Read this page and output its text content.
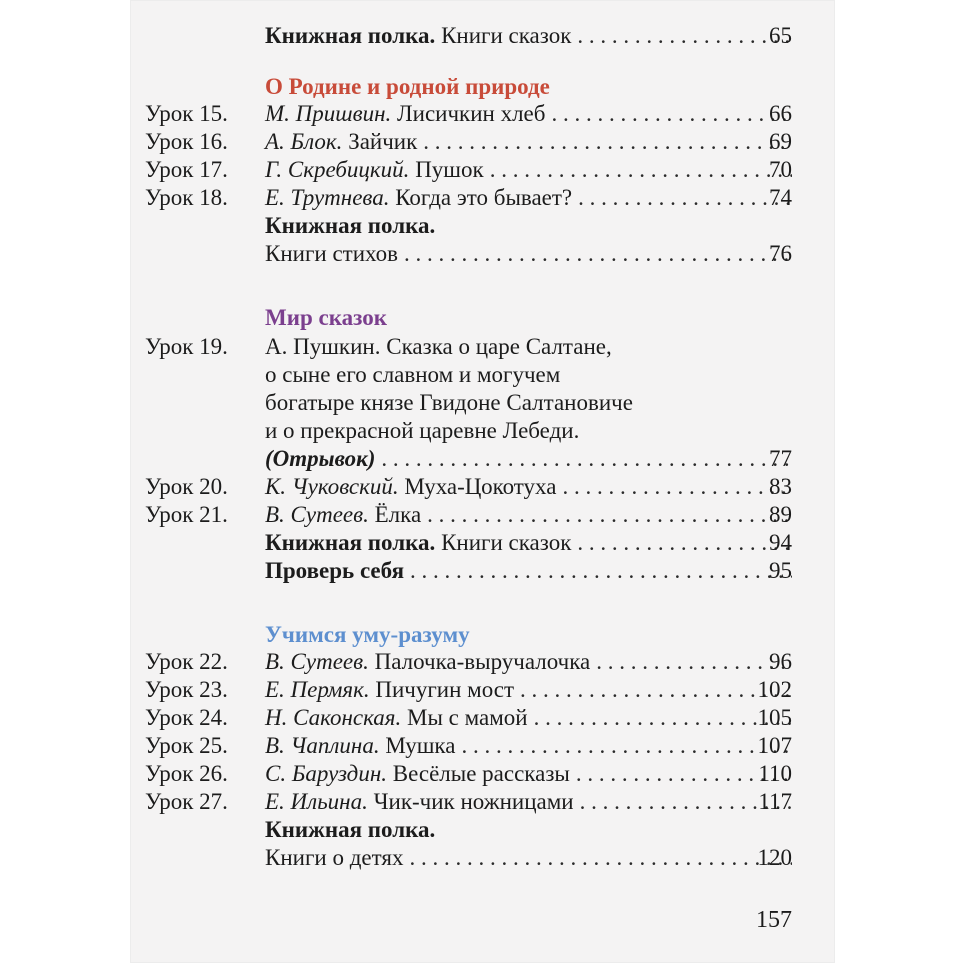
Книжная полка. Книги сказок . . .	65
О Родине и родной природе
Урок 15. М. Пришвин. Лисичкин хлеб . . .	66
Урок 16. А. Блок. Зайчик . . .	69
Урок 17. Г. Скребицкий. Пушок . . .	70
Урок 18. Е. Трутнева. Когда это бывает? . . .	74
Книжная полка.
Книги стихов . . .	76
Мир сказок
Урок 19. А. Пушкин. Сказка о царе Салтане,
о сыне его славном и могучем
богатыре князе Гвидоне Салтановиче
и о прекрасной царевне Лебеди.
(Отрывок) . . .	77
Урок 20. К. Чуковский. Муха-Цокотуха . . .	83
Урок 21. В. Сутеев. Ёлка . . .	89
Книжная полка. Книги сказок . . .	94
Проверь себя . . .	95
Учимся уму-разуму
Урок 22. В. Сутеев. Палочка-выручалочка . . .	96
Урок 23. Е. Пермяк. Пичугин мост . . .	102
Урок 24. Н. Саконская. Мы с мамой . . .	105
Урок 25. В. Чаплина. Мушка . . .	107
Урок 26. С. Баруздин. Весёлые рассказы . . .	110
Урок 27. Е. Ильина. Чик-чик ножницами . . .	117
Книжная полка.
Книги о детях . . .	120
157
